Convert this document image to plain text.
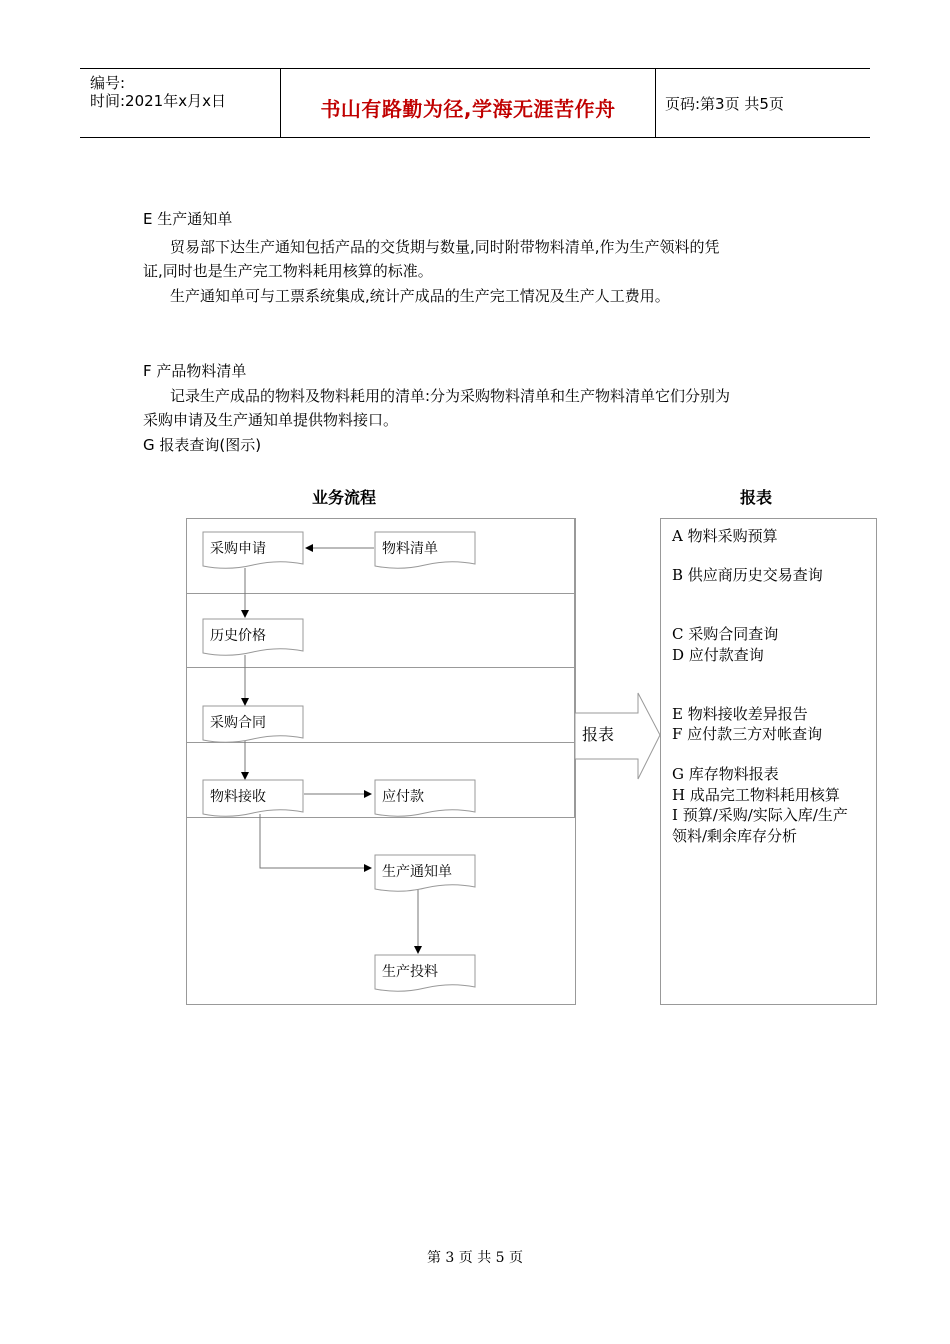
编号:
时间:2021年x月x日	书山有路勤为径,学海无涯苦作舟	页码:第3页 共5页
E 生产通知单
贸易部下达生产通知包括产品的交货期与数量,同时附带物料清单,作为生产领料的凭
证,同时也是生产完工物料耗用核算的标准。
生产通知单可与工票系统集成,统计产成品的生产完工情况及生产人工费用。
F 产品物料清单
记录生产成品的物料及物料耗用的清单:分为采购物料清单和生产物料清单它们分别为
采购申请及生产通知单提供物料接口。
G 报表查询(图示)
业务流程	报表
报表
采购申请	物料清单
历史价格
采购合同
物料接收	应付款
生产通知单
生产投料
A 物料采购预算
B 供应商历史交易查询
C 采购合同查询
D 应付款查询
E 物料接收差异报告
F 应付款三方对帐查询
G 库存物料报表
H 成品完工物料耗用核算
I 预算/采购/实际入库/生产
领料/剩余库存分析
第 3 页 共 5 页
